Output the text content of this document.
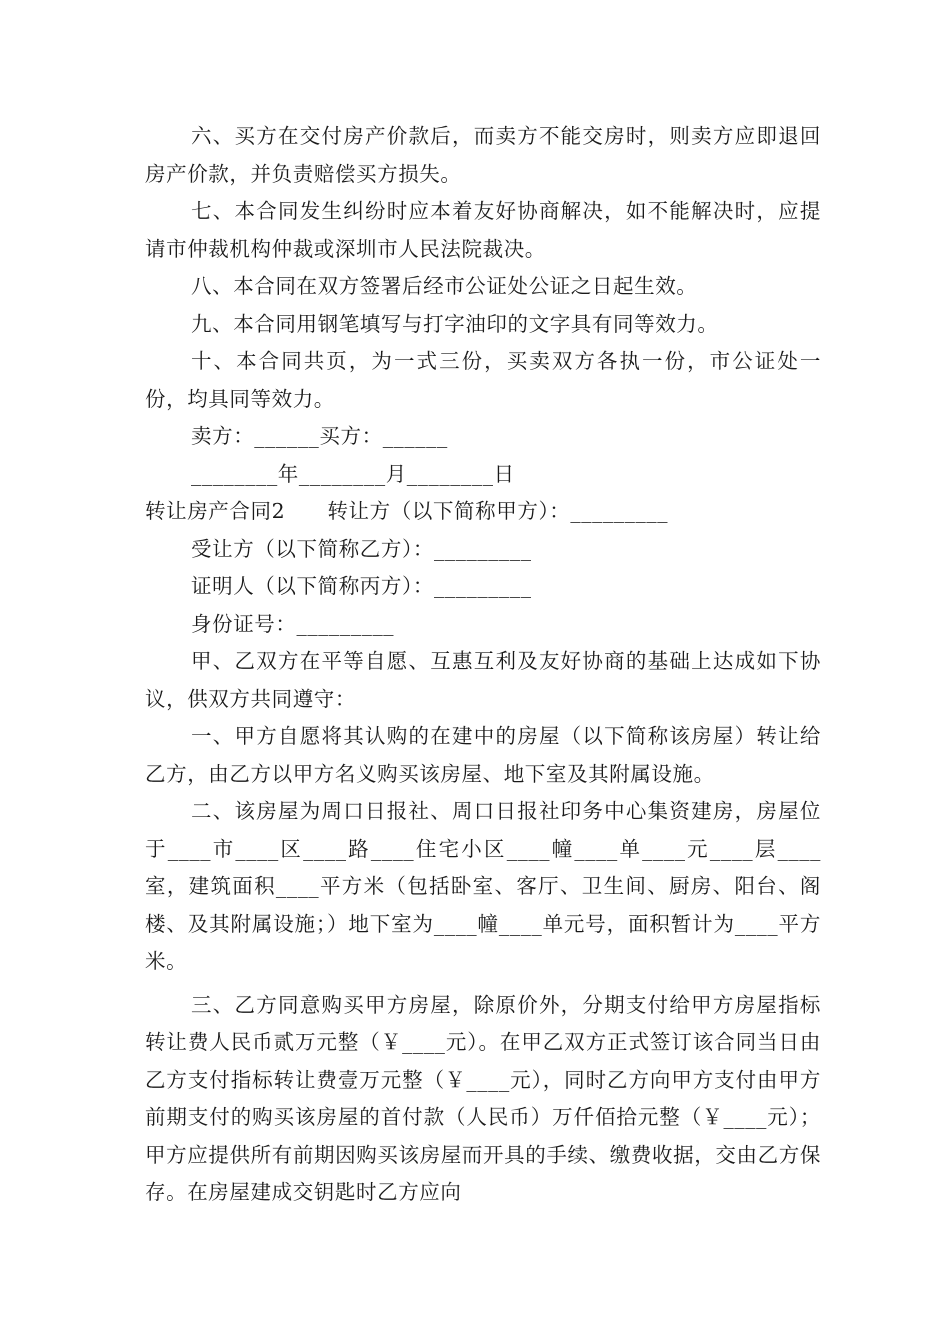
六、买方在交付房产价款后，而卖方不能交房时，则卖方应即退回房产价款，并负责赔偿买方损失。

七、本合同发生纠纷时应本着友好协商解决，如不能解决时，应提请市仲裁机构仲裁或深圳市人民法院裁决。

八、本合同在双方签署后经市公证处公证之日起生效。

九、本合同用钢笔填写与打字油印的文字具有同等效力。

十、本合同共页，为一式三份，买卖双方各执一份，市公证处一份，均具同等效力。

卖方：______买方：______

________年________月________日

转让房产合同2　　转让方（以下简称甲方）：_________

受让方（以下简称乙方）：_________

证明人（以下简称丙方）：_________

身份证号：_________

甲、乙双方在平等自愿、互惠互利及友好协商的基础上达成如下协议，供双方共同遵守：

一、甲方自愿将其认购的在建中的房屋（以下简称该房屋）转让给乙方，由乙方以甲方名义购买该房屋、地下室及其附属设施。

二、该房屋为周口日报社、周口日报社印务中心集资建房，房屋位于____市____区____路____住宅小区____幢____单____元____层____室，建筑面积____平方米（包括卧室、客厅、卫生间、厨房、阳台、阁楼、及其附属设施；）地下室为____幢____单元号，面积暂计为____平方米。

三、乙方同意购买甲方房屋，除原价外，分期支付给甲方房屋指标转让费人民币贰万元整（￥____元）。在甲乙双方正式签订该合同当日由乙方支付指标转让费壹万元整（￥____元），同时乙方向甲方支付由甲方前期支付的购买该房屋的首付款（人民币）万仟佰拾元整（￥____元）；甲方应提供所有前期因购买该房屋而开具的手续、缴费收据，交由乙方保存。在房屋建成交钥匙时乙方应向
